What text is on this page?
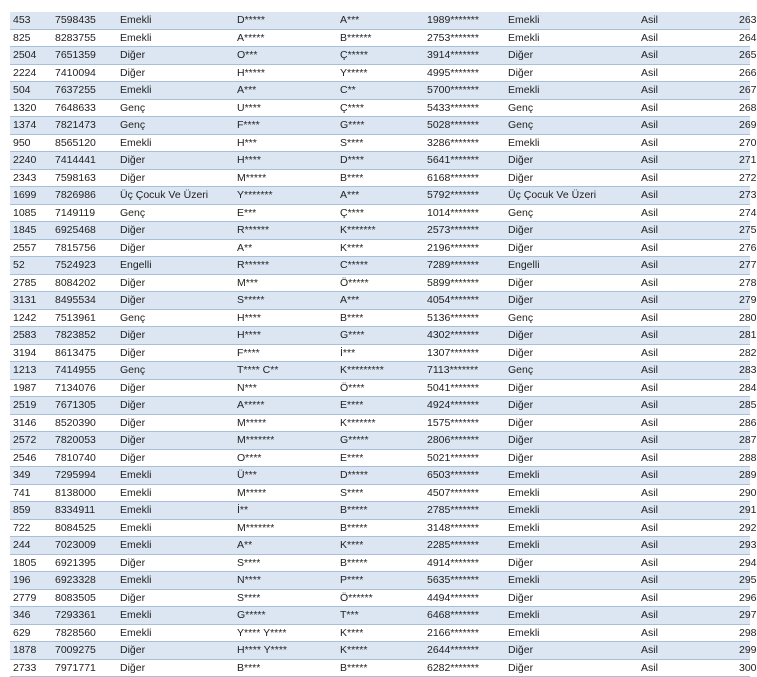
453	7598435	Emekli	D*****	A***	1989*******	Emekli	Asil	263
825	8283755	Emekli	A*****	B******	2753*******	Emekli	Asil	264
2504	7651359	Diğer	O***	Ç*****	3914*******	Diğer	Asil	265
2224	7410094	Diğer	H*****	Y*****	4995*******	Diğer	Asil	266
504	7637255	Emekli	A***	C**	5700*******	Emekli	Asil	267
1320	7648633	Genç	U****	Ç****	5433*******	Genç	Asil	268
1374	7821473	Genç	F****	G****	5028*******	Genç	Asil	269
950	8565120	Emekli	H***	S****	3286*******	Emekli	Asil	270
2240	7414441	Diğer	H****	D****	5641*******	Diğer	Asil	271
2343	7598163	Diğer	M*****	B****	6168*******	Diğer	Asil	272
1699	7826986	Üç Çocuk Ve Üzeri	Y*******	A***	5792*******	Üç Çocuk Ve Üzeri	Asil	273
1085	7149119	Genç	E***	Ç****	1014*******	Genç	Asil	274
1845	6925468	Diğer	R******	K*******	2573*******	Diğer	Asil	275
2557	7815756	Diğer	A**	K****	2196*******	Diğer	Asil	276
52	7524923	Engelli	R******	C*****	7289*******	Engelli	Asil	277
2785	8084202	Diğer	M***	Ö*****	5899*******	Diğer	Asil	278
3131	8495534	Diğer	S*****	A***	4054*******	Diğer	Asil	279
1242	7513961	Genç	H****	B****	5136*******	Genç	Asil	280
2583	7823852	Diğer	H****	G****	4302*******	Diğer	Asil	281
3194	8613475	Diğer	F****	İ***	1307*******	Diğer	Asil	282
1213	7414955	Genç	T**** C**	K*********	7113*******	Genç	Asil	283
1987	7134076	Diğer	N***	Ö****	5041*******	Diğer	Asil	284
2519	7671305	Diğer	A*****	E****	4924*******	Diğer	Asil	285
3146	8520390	Diğer	M*****	K*******	1575*******	Diğer	Asil	286
2572	7820053	Diğer	M*******	G*****	2806*******	Diğer	Asil	287
2546	7810740	Diğer	O****	E****	5021*******	Diğer	Asil	288
349	7295994	Emekli	Ü***	D*****	6503*******	Emekli	Asil	289
741	8138000	Emekli	M*****	S****	4507*******	Emekli	Asil	290
859	8334911	Emekli	İ**	B*****	2785*******	Emekli	Asil	291
722	8084525	Emekli	M*******	B*****	3148*******	Emekli	Asil	292
244	7023009	Emekli	A**	K****	2285*******	Emekli	Asil	293
1805	6921395	Diğer	S****	B*****	4914*******	Diğer	Asil	294
196	6923328	Emekli	N****	P****	5635*******	Emekli	Asil	295
2779	8083505	Diğer	S****	Ö******	4494*******	Diğer	Asil	296
346	7293361	Emekli	G*****	T***	6468*******	Emekli	Asil	297
629	7828560	Emekli	Y**** Y****	K****	2166*******	Emekli	Asil	298
1878	7009275	Diğer	H**** Y****	K*****	2644*******	Diğer	Asil	299
2733	7971771	Diğer	B****	B*****	6282*******	Diğer	Asil	300
